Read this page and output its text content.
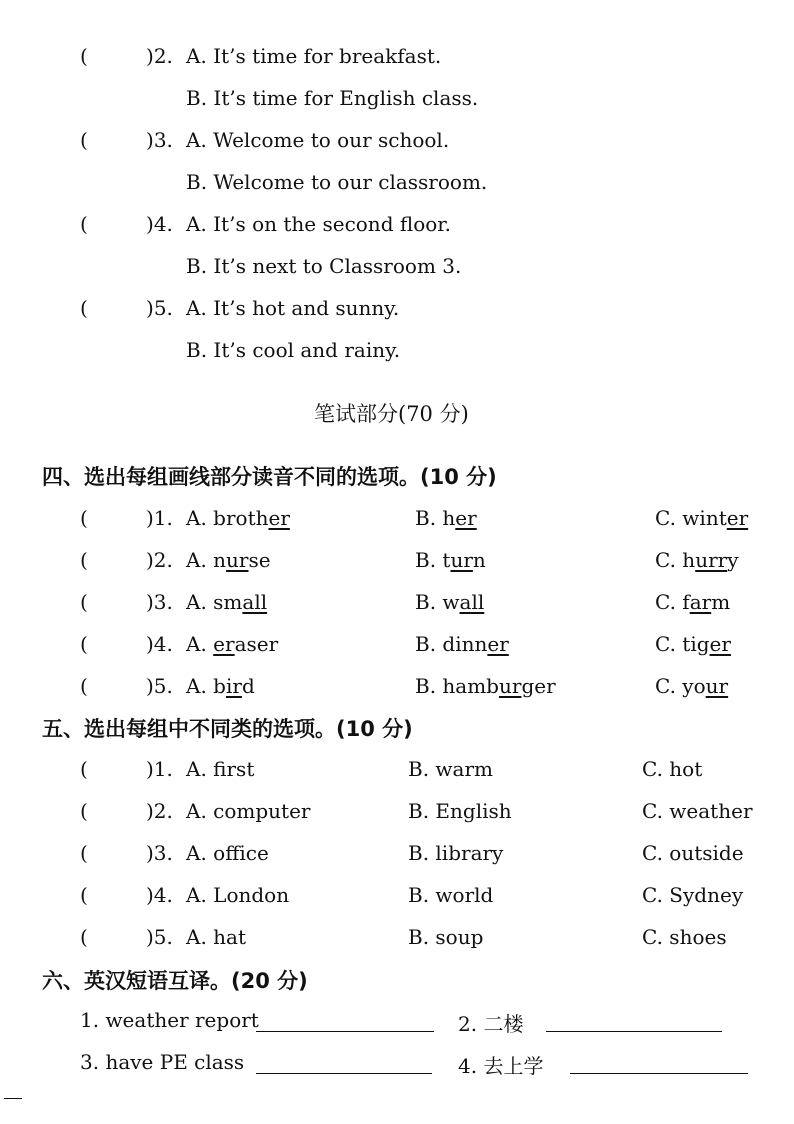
(	)2. A. It’s time for breakfast.
B. It’s time for English class.
(	)3. A. Welcome to our school.
B. Welcome to our classroom.
(	)4. A. It’s on the second floor.
B. It’s next to Classroom 3.
(	)5. A. It’s hot and sunny.
B. It’s cool and rainy.
笔试部分(70 分)
四、选出每组画线部分读音不同的选项。(10 分)
(	)1. A. brother	B. her	C. winter
(	)2. A. nurse	B. turn	C. hurry
(	)3. A. small	B. wall	C. farm
(	)4. A. eraser	B. dinner	C. tiger
(	)5. A. bird	B. hamburger	C. your
五、选出每组中不同类的选项。(10 分)
(	)1. A. first	B. warm	C. hot
(	)2. A. computer	B. English	C. weather
(	)3. A. office	B. library	C. outside
(	)4. A. London	B. world	C. Sydney
(	)5. A. hat	B. soup	C. shoes
六、英汉短语互译。(20 分)
1. weather report	2. 二楼
3. have PE class	4. 去上学
